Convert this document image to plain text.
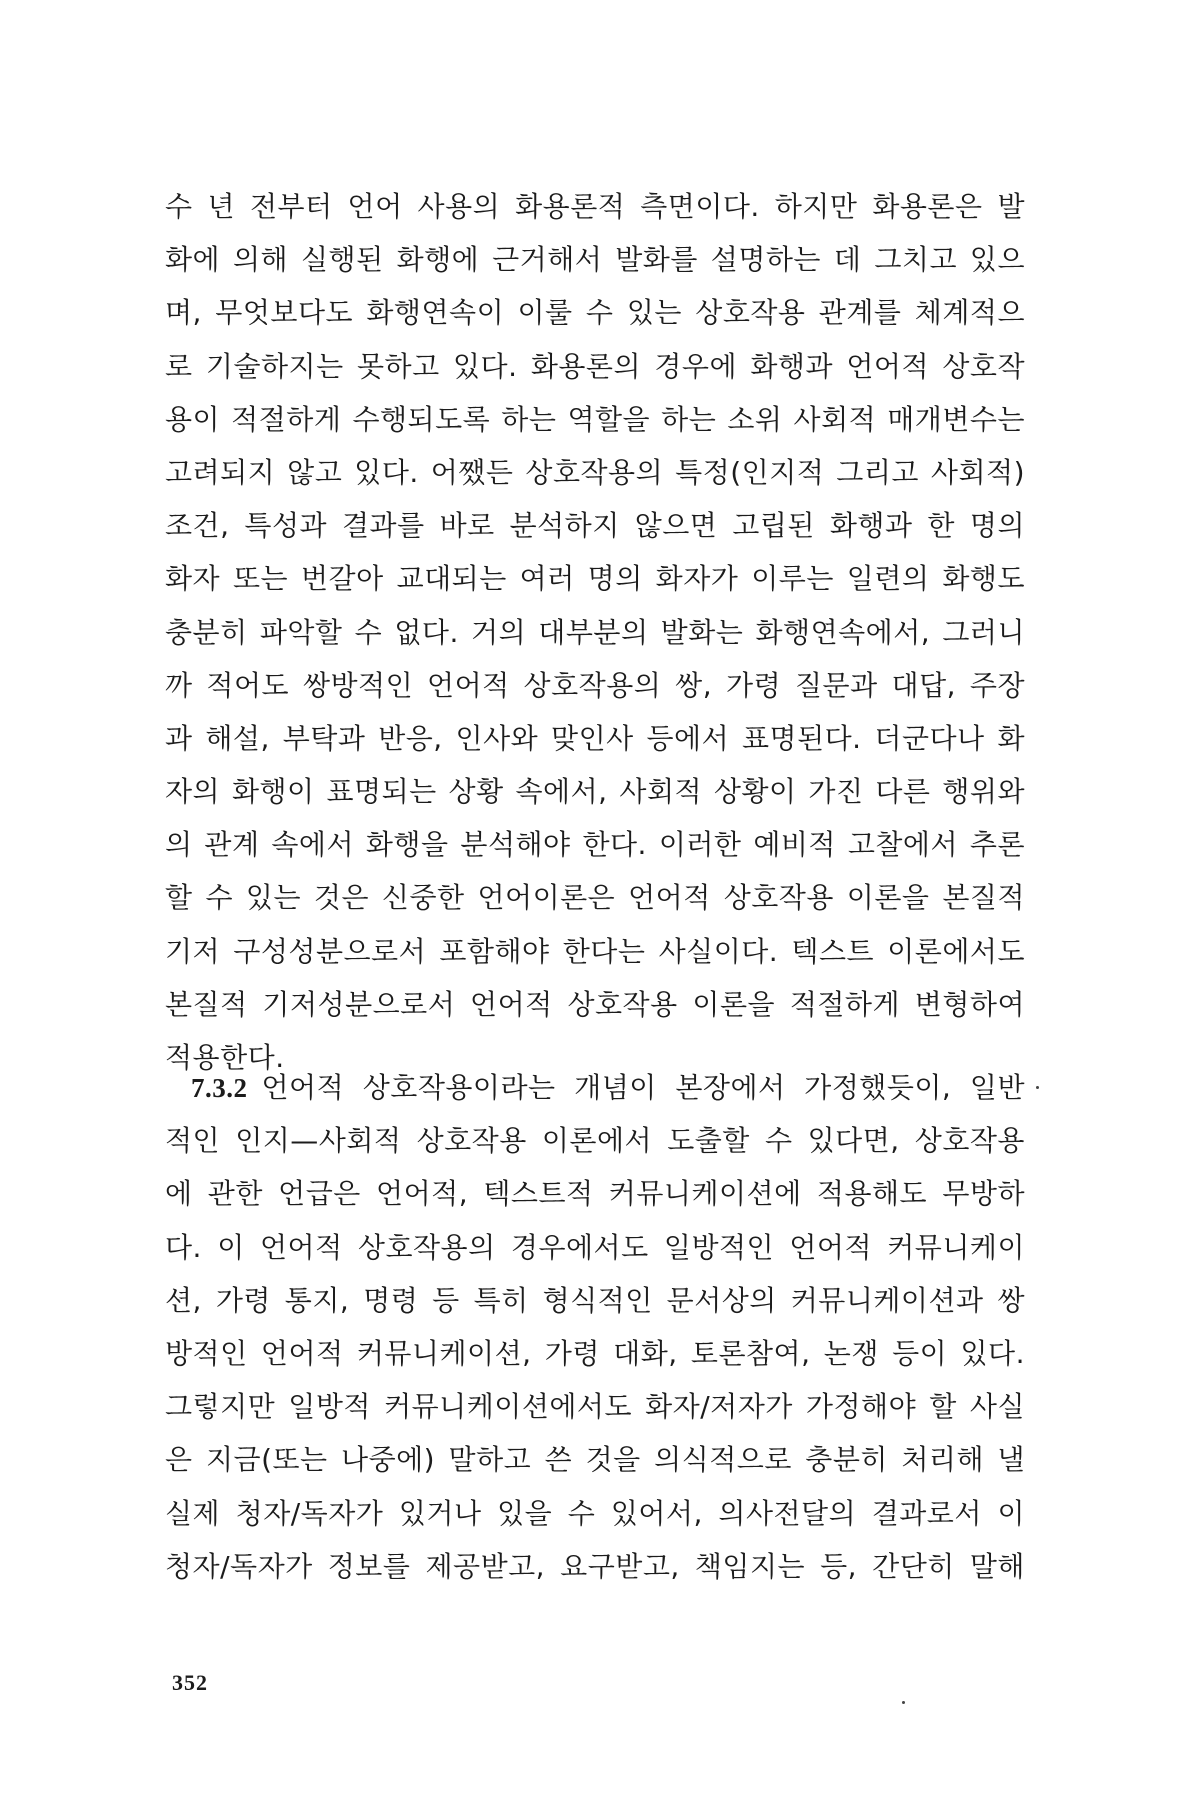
수 년 전부터 언어 사용의 화용론적 측면이다. 하지만 화용론은 발
화에 의해 실행된 화행에 근거해서 발화를 설명하는 데 그치고 있으
며, 무엇보다도 화행연속이 이룰 수 있는 상호작용 관계를 체계적으
로 기술하지는 못하고 있다. 화용론의 경우에 화행과 언어적 상호작
용이 적절하게 수행되도록 하는 역할을 하는 소위 사회적 매개변수는
고려되지 않고 있다. 어쨌든 상호작용의 특정(인지적 그리고 사회적)
조건, 특성과 결과를 바로 분석하지 않으면 고립된 화행과 한 명의
화자 또는 번갈아 교대되는 여러 명의 화자가 이루는 일련의 화행도
충분히 파악할 수 없다. 거의 대부분의 발화는 화행연속에서, 그러니
까 적어도 쌍방적인 언어적 상호작용의 쌍, 가령 질문과 대답, 주장
과 해설, 부탁과 반응, 인사와 맞인사 등에서 표명된다. 더군다나 화
자의 화행이 표명되는 상황 속에서, 사회적 상황이 가진 다른 행위와
의 관계 속에서 화행을 분석해야 한다. 이러한 예비적 고찰에서 추론
할 수 있는 것은 신중한 언어이론은 언어적 상호작용 이론을 본질적
기저 구성성분으로서 포함해야 한다는 사실이다. 텍스트 이론에서도
본질적 기저성분으로서 언어적 상호작용 이론을 적절하게 변형하여
적용한다.
7.3.2 언어적 상호작용이라는 개념이 본장에서 가정했듯이, 일반
적인 인지—사회적 상호작용 이론에서 도출할 수 있다면, 상호작용
에 관한 언급은 언어적, 텍스트적 커뮤니케이션에 적용해도 무방하
다. 이 언어적 상호작용의 경우에서도 일방적인 언어적 커뮤니케이
션, 가령 통지, 명령 등 특히 형식적인 문서상의 커뮤니케이션과 쌍
방적인 언어적 커뮤니케이션, 가령 대화, 토론참여, 논쟁 등이 있다.
그렇지만 일방적 커뮤니케이션에서도 화자/저자가 가정해야 할 사실
은 지금(또는 나중에) 말하고 쓴 것을 의식적으로 충분히 처리해 낼
실제 청자/독자가 있거나 있을 수 있어서, 의사전달의 결과로서 이
청자/독자가 정보를 제공받고, 요구받고, 책임지는 등, 간단히 말해
352
